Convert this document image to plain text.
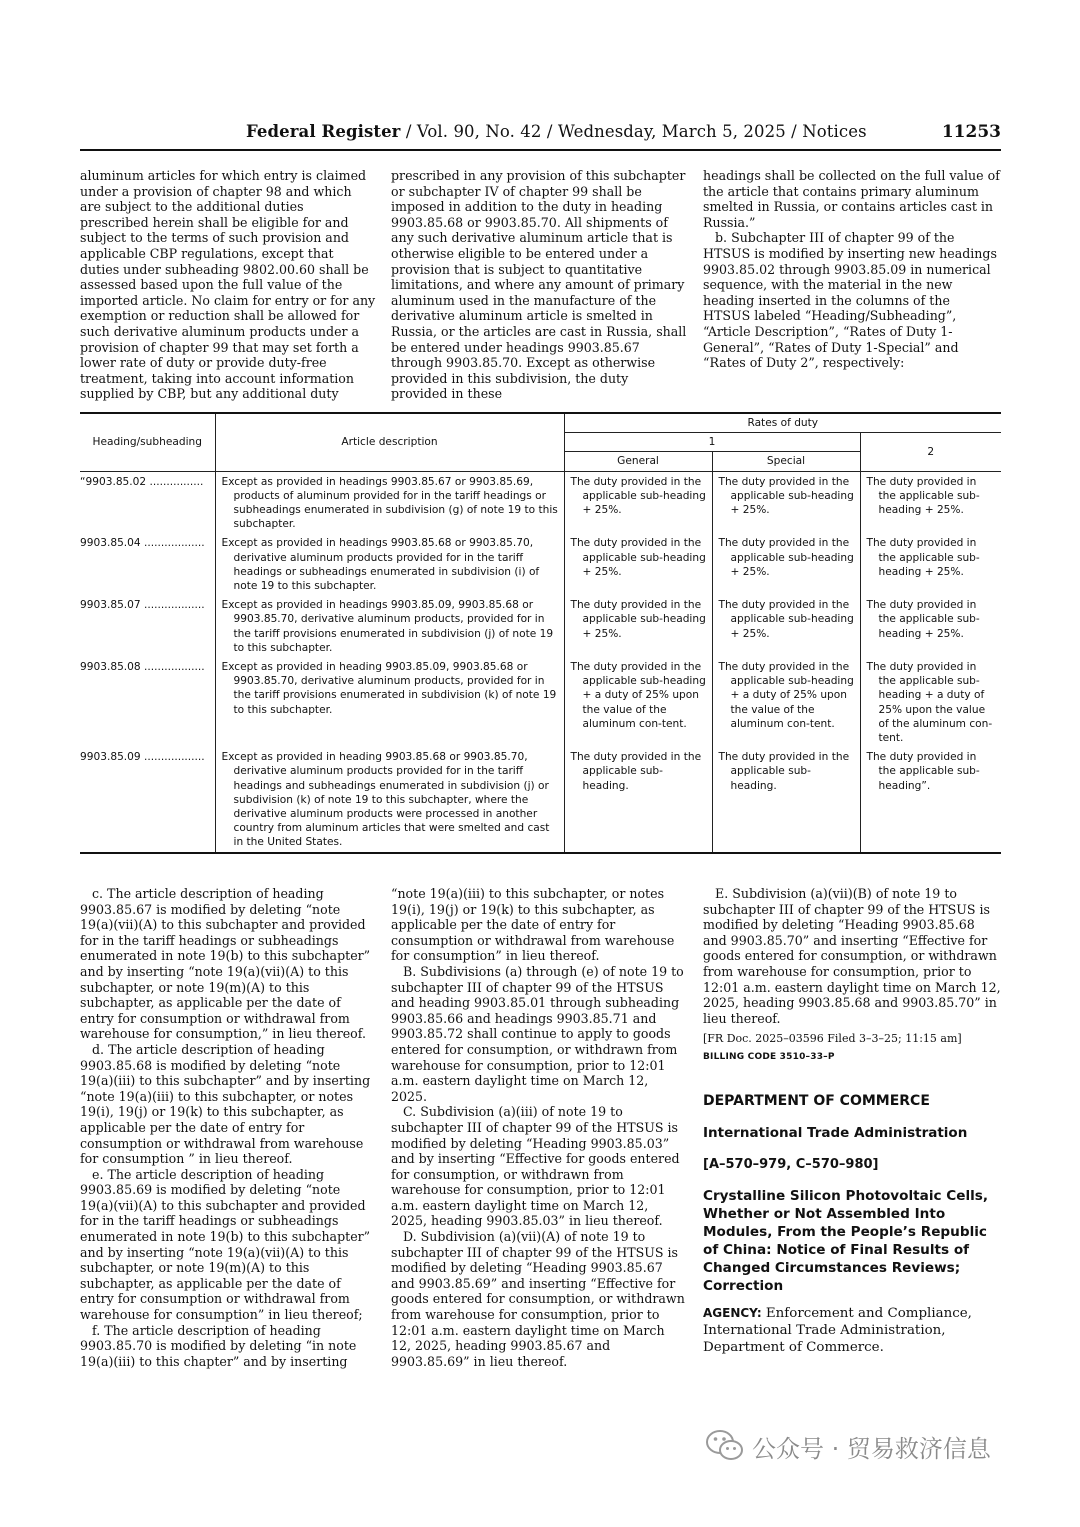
Federal Register / Vol. 90, No. 42 / Wednesday, March 5, 2025 / Notices	11253

aluminum articles for which entry is claimed under a provision of chapter 98 and which are subject to the additional duties prescribed herein shall be eligible for and subject to the terms of such provision and applicable CBP regulations, except that duties under subheading 9802.00.60 shall be assessed based upon the full value of the imported article. No claim for entry or for any exemption or reduction shall be allowed for such derivative aluminum products under a provision of chapter 99 that may set forth a lower rate of duty or provide duty-free treatment, taking into account information supplied by CBP, but any additional duty

prescribed in any provision of this subchapter or subchapter IV of chapter 99 shall be imposed in addition to the duty in heading 9903.85.68 or 9903.85.70. All shipments of any such derivative aluminum article that is otherwise eligible to be entered under a provision that is subject to quantitative limitations, and where any amount of primary aluminum used in the manufacture of the derivative aluminum article is smelted in Russia, or the articles are cast in Russia, shall be entered under headings 9903.85.67 through 9903.85.70. Except as otherwise provided in this subdivision, the duty provided in these

headings shall be collected on the full value of the article that contains primary aluminum smelted in Russia, or contains articles cast in Russia.”

b. Subchapter III of chapter 99 of the HTSUS is modified by inserting new headings 9903.85.02 through 9903.85.09 in numerical sequence, with the material in the new heading inserted in the columns of the HTSUS labeled “Heading/Subheading”, “Article Description”, “Rates of Duty 1-General”, “Rates of Duty 1-Special” and “Rates of Duty 2”, respectively:

Heading/subheading	Article description	Rates of duty		
		1		2
		General	Special	
“9903.85.02 ................	Except as provided in headings 9903.85.67 or 9903.85.69, products of aluminum provided for in the tariff headings or subheadings enumerated in subdivision (g) of note 19 to this subchapter.	The duty provided in the applicable sub-heading + 25%.	The duty provided in the applicable sub-heading + 25%.	The duty provided in the applicable sub-heading + 25%.

9903.85.04 ..................	Except as provided in headings 9903.85.68 or 9903.85.70, derivative aluminum products provided for in the tariff headings or subheadings enumerated in subdivision (i) of note 19 to this subchapter.	The duty provided in the applicable sub-heading + 25%.	The duty provided in the applicable sub-heading + 25%.	The duty provided in the applicable sub-heading + 25%.

9903.85.07 ..................	Except as provided in headings 9903.85.09, 9903.85.68 or 9903.85.70, derivative aluminum products, provided for in the tariff provisions enumerated in subdivision (j) of note 19 to this subchapter.	The duty provided in the applicable sub-heading + 25%.	The duty provided in the applicable sub-heading + 25%.	The duty provided in the applicable sub-heading + 25%.

9903.85.08 ..................	Except as provided in heading 9903.85.09, 9903.85.68 or 9903.85.70, derivative aluminum products, provided for in the tariff provisions enumerated in subdivision (k) of note 19 to this subchapter.	The duty provided in the applicable sub-heading + a duty of 25% upon the value of the aluminum con-tent.	The duty provided in the applicable sub-heading + a duty of 25% upon the value of the aluminum con-tent.	The duty provided in the applicable sub-heading + a duty of 25% upon the value of the aluminum con-tent.

9903.85.09 ..................	Except as provided in heading 9903.85.68 or 9903.85.70, derivative aluminum products provided for in the tariff headings and subheadings enumerated in subdivision (j) or subdivision (k) of note 19 to this subchapter, where the derivative aluminum products were processed in another country from aluminum articles that were smelted and cast in the United States.	The duty provided in the applicable sub-heading.	The duty provided in the applicable sub-heading.	The duty provided in the applicable sub-heading”.

c. The article description of heading 9903.85.67 is modified by deleting “note 19(a)(vii)(A) to this subchapter and provided for in the tariff headings or subheadings enumerated in note 19(b) to this subchapter” and by inserting “note 19(a)(vii)(A) to this subchapter, or note 19(m)(A) to this subchapter, as applicable per the date of entry for consumption or withdrawal from warehouse for consumption,” in lieu thereof.

d. The article description of heading 9903.85.68 is modified by deleting “note 19(a)(iii) to this subchapter” and by inserting “note 19(a)(iii) to this subchapter, or notes 19(i), 19(j) or 19(k) to this subchapter, as applicable per the date of entry for consumption or withdrawal from warehouse for consumption ” in lieu thereof.

e. The article description of heading 9903.85.69 is modified by deleting “note 19(a)(vii)(A) to this subchapter and provided for in the tariff headings or subheadings enumerated in note 19(b) to this subchapter” and by inserting “note 19(a)(vii)(A) to this subchapter, or note 19(m)(A) to this subchapter, as applicable per the date of entry for consumption or withdrawal from warehouse for consumption” in lieu thereof;

f. The article description of heading 9903.85.70 is modified by deleting “in note 19(a)(iii) to this chapter” and by inserting

“note 19(a)(iii) to this subchapter, or notes 19(i), 19(j) or 19(k) to this subchapter, as applicable per the date of entry for consumption or withdrawal from warehouse for consumption” in lieu thereof.

B. Subdivisions (a) through (e) of note 19 to subchapter III of chapter 99 of the HTSUS and heading 9903.85.01 through subheading 9903.85.66 and headings 9903.85.71 and 9903.85.72 shall continue to apply to goods entered for consumption, or withdrawn from warehouse for consumption, prior to 12:01 a.m. eastern daylight time on March 12, 2025.

C. Subdivision (a)(iii) of note 19 to subchapter III of chapter 99 of the HTSUS is modified by deleting “Heading 9903.85.03” and by inserting “Effective for goods entered for consumption, or withdrawn from warehouse for consumption, prior to 12:01 a.m. eastern daylight time on March 12, 2025, heading 9903.85.03” in lieu thereof.

D. Subdivision (a)(vii)(A) of note 19 to subchapter III of chapter 99 of the HTSUS is modified by deleting “Heading 9903.85.67 and 9903.85.69” and inserting “Effective for goods entered for consumption, or withdrawn from warehouse for consumption, prior to 12:01 a.m. eastern daylight time on March 12, 2025, heading 9903.85.67 and 9903.85.69” in lieu thereof.

E. Subdivision (a)(vii)(B) of note 19 to subchapter III of chapter 99 of the HTSUS is modified by deleting “Heading 9903.85.68 and 9903.85.70” and inserting “Effective for goods entered for consumption, or withdrawn from warehouse for consumption, prior to 12:01 a.m. eastern daylight time on March 12, 2025, heading 9903.85.68 and 9903.85.70” in lieu thereof.

[FR Doc. 2025–03596 Filed 3–3–25; 11:15 am]
BILLING CODE 3510–33–P
DEPARTMENT OF COMMERCE
International Trade Administration
[A–570–979, C–570–980]
Crystalline Silicon Photovoltaic Cells, Whether or Not Assembled Into Modules, From the People’s Republic of China: Notice of Final Results of Changed Circumstances Reviews; Correction
AGENCY: Enforcement and Compliance, International Trade Administration, Department of Commerce.
公众号 · 贸易救济信息
